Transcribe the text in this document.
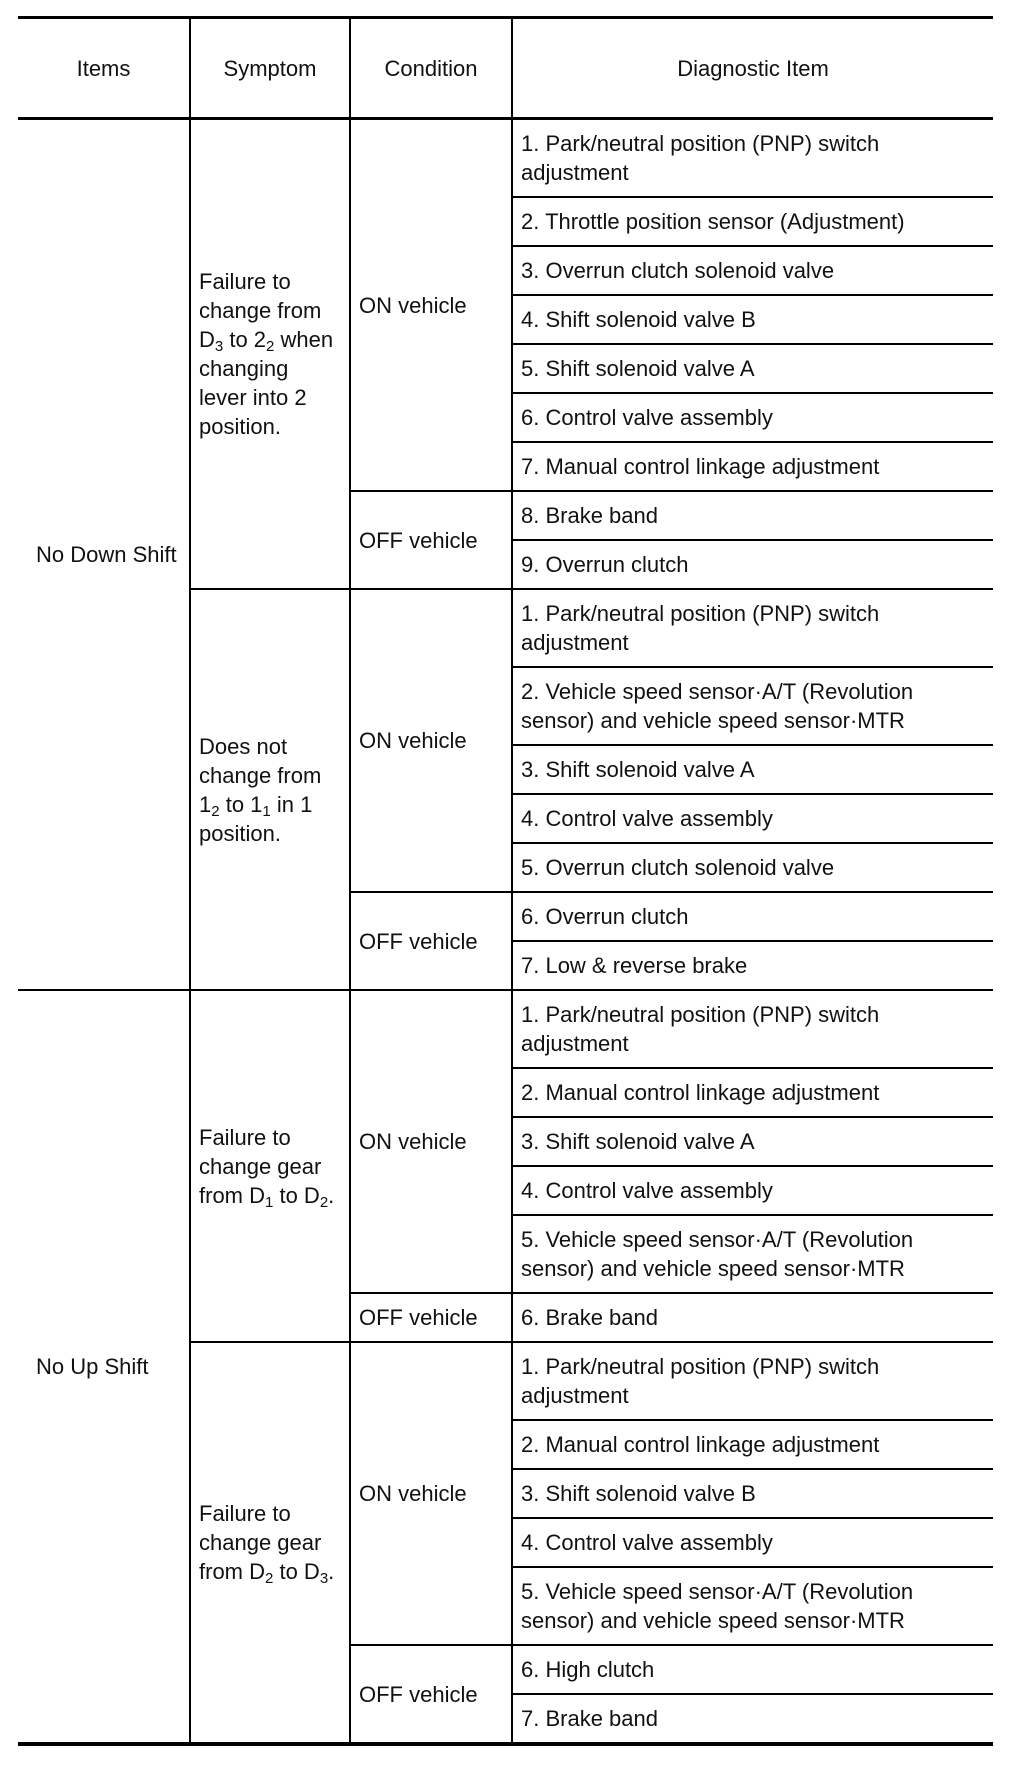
Items	Symptom	Condition	Diagnostic Item
No Down Shift	Failure to change from $D_3$ to $2_2$ when changing lever into 2 position.	ON vehicle	1. Park/neutral position (PNP) switch adjustment
			2. Throttle position sensor (Adjustment)
			3. Overrun clutch solenoid valve
			4. Shift solenoid valve B
			5. Shift solenoid valve A
			6. Control valve assembly
			7. Manual control linkage adjustment
		OFF vehicle	8. Brake band
			9. Overrun clutch

	Does not change from $1_2$ to $1_1$ in 1 position.	ON vehicle	1. Park/neutral position (PNP) switch adjustment
			2. Vehicle speed sensor·A/T (Revolution sensor) and vehicle speed sensor·MTR
			3. Shift solenoid valve A
			4. Control valve assembly
			5. Overrun clutch solenoid valve
		OFF vehicle	6. Overrun clutch
			7. Low & reverse brake
No Up Shift	Failure to change gear from $D_1$ to $D_2$.	ON vehicle	1. Park/neutral position (PNP) switch adjustment
			2. Manual control linkage adjustment
			3. Shift solenoid valve A
			4. Control valve assembly
			5. Vehicle speed sensor·A/T (Revolution sensor) and vehicle speed sensor·MTR
		OFF vehicle	6. Brake band

	Failure to change gear from $D_2$ to $D_3$.	ON vehicle	1. Park/neutral position (PNP) switch adjustment
			2. Manual control linkage adjustment
			3. Shift solenoid valve B
			4. Control valve assembly
			5. Vehicle speed sensor·A/T (Revolution sensor) and vehicle speed sensor·MTR
		OFF vehicle	6. High clutch
			7. Brake band
